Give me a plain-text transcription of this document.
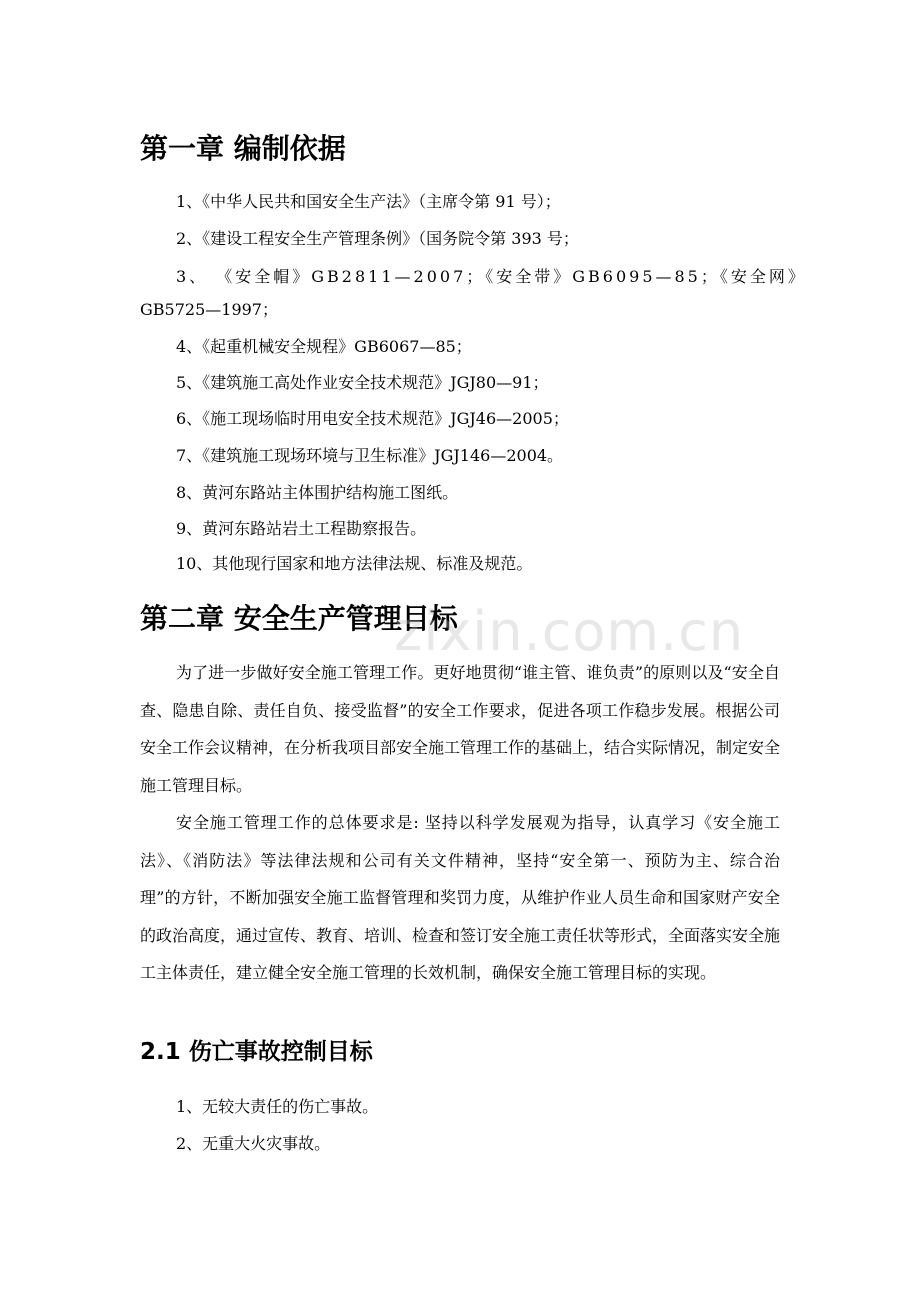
第一章 编制依据
1、《中华人民共和国安全生产法》（主席令第 91 号）；
2、《建设工程安全生产管理条例》（国务院令第 393 号；
3、 《安全帽》GB2811—2007；《安全带》GB6095—85；《安全网》
GB5725—1997；
4、《起重机械安全规程》GB6067—85；
5、《建筑施工高处作业安全技术规范》JGJ80—91；
6、《施工现场临时用电安全技术规范》JGJ46—2005；
7、《建筑施工现场环境与卫生标准》JGJ146—2004。
8、黄河东路站主体围护结构施工图纸。
9、黄河东路站岩土工程勘察报告。
10、其他现行国家和地方法律法规、标准及规范。
第二章 安全生产管理目标

为了进一步做好安全施工管理工作。更好地贯彻“谁主管、谁负责”的原则以及“安全自查、隐患自除、责任自负、接受监督”的安全工作要求，促进各项工作稳步发展。根据公司安全工作会议精神，在分析我项目部安全施工管理工作的基础上，结合实际情况，制定安全施工管理目标。

安全施工管理工作的总体要求是: 坚持以科学发展观为指导，认真学习《安全施工法》、《消防法》等法律法规和公司有关文件精神，坚持“安全第一、预防为主、综合治理”的方针，不断加强安全施工监督管理和奖罚力度，从维护作业人员生命和国家财产安全的政治高度，通过宣传、教育、培训、检查和签订安全施工责任状等形式，全面落实安全施工主体责任，建立健全安全施工管理的长效机制，确保安全施工管理目标的实现。

2.1 伤亡事故控制目标
1、无较大责任的伤亡事故。
2、无重大火灾事故。
zixin.com.cn
